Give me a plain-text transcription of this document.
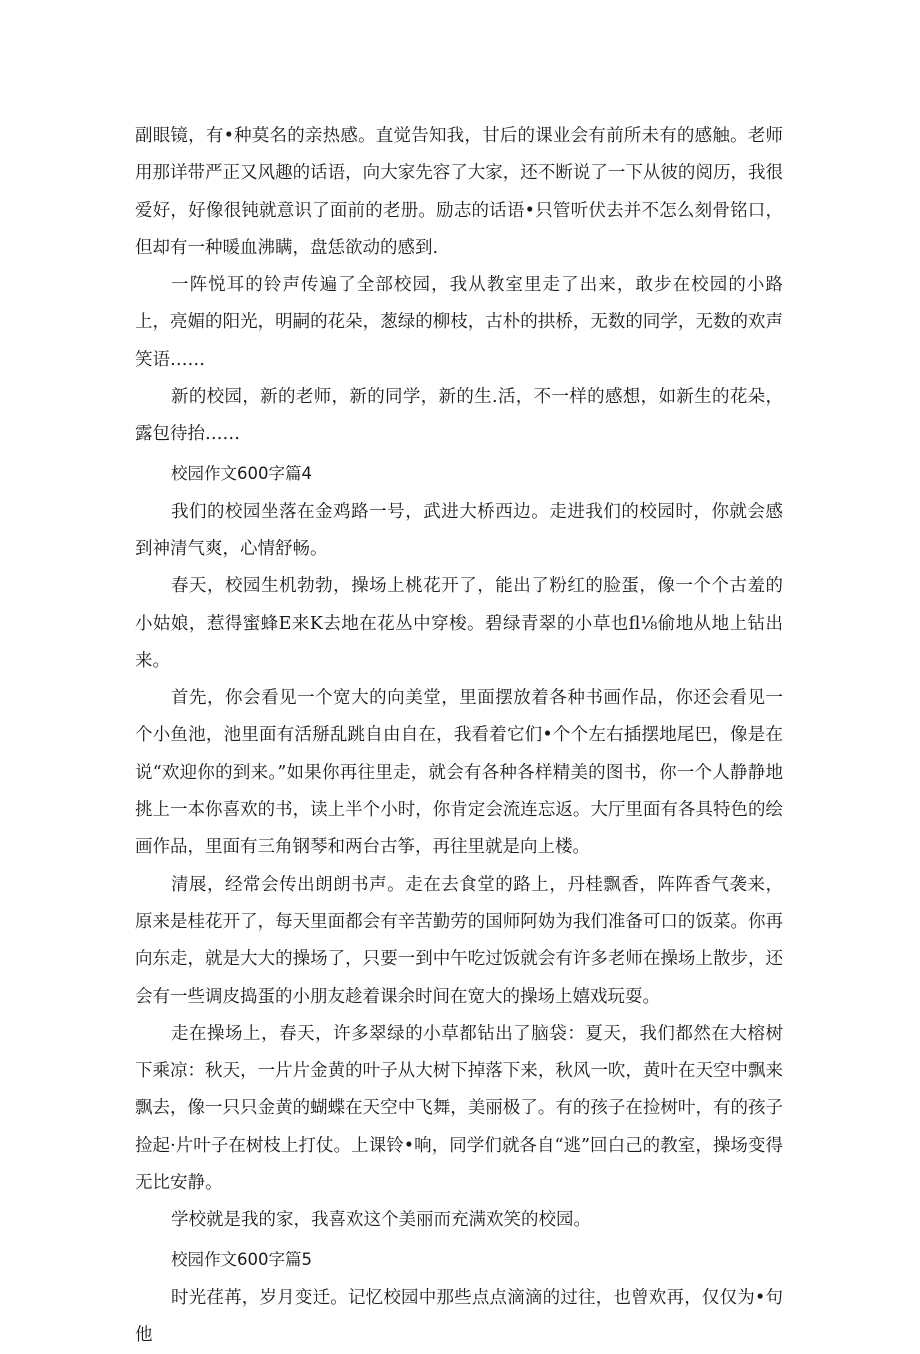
副眼镜，有•种莫名的亲热感。直觉告知我，甘后的课业会有前所未有的感触。老师用那详带严正又风趣的话语，向大家先容了大家，还不断说了一下从彼的阅历，我很爱好，好像很钝就意识了面前的老册。励志的话语•只管听伏去并不怎么刻骨铭口，但却有一种暖血沸瞒，盘恁欲动的感到.

一阵悦耳的铃声传遍了全部校园，我从教室里走了出来，敢步在校园的小路上，亮媚的阳光，明嗣的花朵，葱绿的柳枝，古朴的拱桥，无数的同学，无数的欢声笑语……

新的校园，新的老师，新的同学，新的生.活，不一样的感想，如新生的花朵，露包待抬……

校园作文600字篇4

我们的校园坐落在金鸡路一号，武进大桥西边。走进我们的校园时，你就会感到神清气爽，心情舒畅。

春天，校园生机勃勃，操场上桃花开了，能出了粉红的脸蛋，像一个个古羞的小姑娘，惹得蜜蜂E来K去地在花丛中穿梭。碧绿青翠的小草也fl⅛偷地从地上钻出来。

首先，你会看见一个宽大的向美堂，里面摆放着各种书画作品，你还会看见一个小鱼池，池里面有活掰乱跳自由自在，我看着它们•个个左右插摆地尾巴，像是在说“欢迎你的到来。”如果你再往里走，就会有各种各样精美的图书，你一个人静静地挑上一本你喜欢的书，读上半个小时，你肯定会流连忘返。大厅里面有各具特色的绘画作品，里面有三角钢琴和两台古筝，再往里就是向上楼。

清展，经常会传出朗朗书声。走在去食堂的路上，丹桂飘香，阵阵香气袭来，原来是桂花开了，每天里面都会有辛苦勤劳的国师阿妫为我们准备可口的饭菜。你再向东走，就是大大的操场了，只要一到中午吃过饭就会有许多老师在操场上散步，还会有一些调皮捣蛋的小朋友趁着课余时间在宽大的操场上嬉戏玩耍。

走在操场上，春天，许多翠绿的小草都钻出了脑袋：夏天，我们都然在大榕树下乘凉：秋天，一片片金黄的叶子从大树下掉落下来，秋风一吹，黄叶在天空中飘来飘去，像一只只金黄的蝴蝶在天空中飞舞，美丽极了。有的孩子在捡树叶，有的孩子捡起·片叶子在树枝上打仗。上课铃•响，同学们就各自“逃”回白己的教室，操场变得无比安静。

学校就是我的家，我喜欢这个美丽而充满欢笑的校园。

校园作文600字篇5

时光荏苒，岁月变迁。记忆校园中那些点点滴滴的过往，也曾欢再，仅仅为•句他
